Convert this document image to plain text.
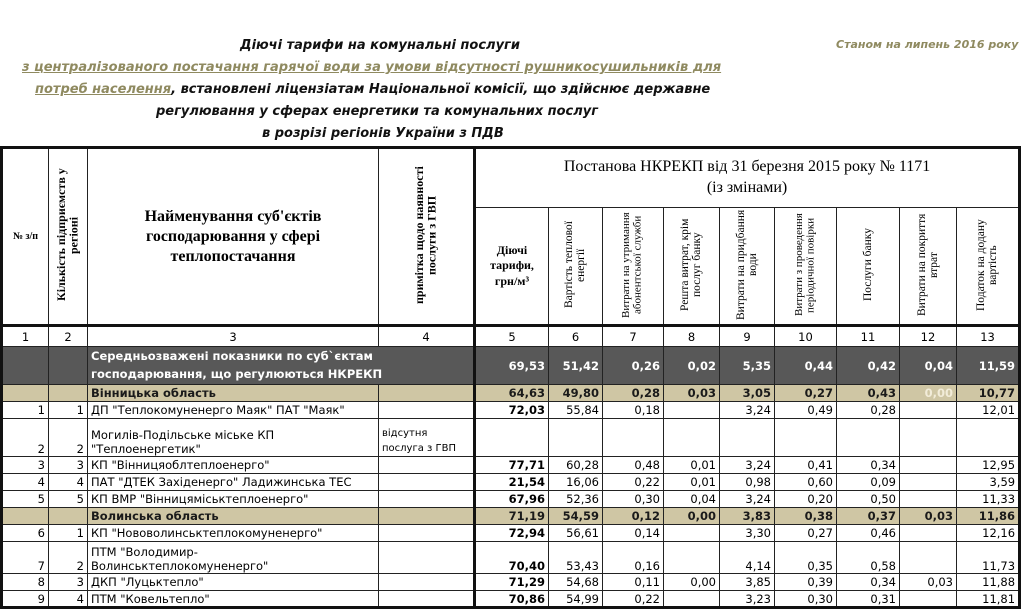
Діючі тарифи на комунальні послуги	Станом на липень 2016 року
з централізованого постачання гарячої води за умови відсутності рушникосушильників для
потреб населення, встановлені ліцензіатам Національної комісії, що здійснює державне
регулювання у сферах енергетики та комунальних послуг
в розрізі регіонів України з ПДВ
№ з/п	Кількість підприємств у регіоні	Найменування суб'єктів господарювання у сфері теплопостачання	примітка щодо наявності послуги з ГВП	Постанова НКРЕКП від 31 березня 2015 року № 1171
(із змінами)								

				Діючі тарифи, грн/м³	Вартість теплової енергії	Витрати на утримання абонентської служби	Решта витрат, крім послуг банку	Витрати на придбання води	Витрати з проведення періодичної повірки	Послуги банку	Витрати на покриття втрат	Податок на додану вартість
1	2	3	4	5	6	7	8	9	10	11	12	13
		Середньозважені показники по суб`єктам господарювання, що регулюються НКРЕКП		69,53	51,42	0,26	0,02	5,35	0,44	0,42	0,04	11,59
		Вінницька область		64,63	49,80	0,28	0,03	3,05	0,27	0,43	0,00	10,77
1	1	ДП "Теплокомуненерго Маяк" ПАТ "Маяк"		72,03	55,84	0,18		3,24	0,49	0,28		12,01
2	2	Могилів-Подільське міське КП "Теплоенергетик"	відсутня послуга з ГВП									
3	3	КП "Вінницяоблтеплоенерго"		77,71	60,28	0,48	0,01	3,24	0,41	0,34		12,95
4	4	ПАТ "ДТЕК Західенерго" Ладижинська ТЕС		21,54	16,06	0,22	0,01	0,98	0,60	0,09		3,59
5	5	КП ВМР "Вінницяміськтеплоенерго"		67,96	52,36	0,30	0,04	3,24	0,20	0,50		11,33
		Волинська область		71,19	54,59	0,12	0,00	3,83	0,38	0,37	0,03	11,86
6	1	КП "Нововолинськтеплокомуненерго"		72,94	56,61	0,14		3,30	0,27	0,46		12,16
7	2	ПТМ "Володимир-Волинськтеплокомуненерго"		70,40	53,43	0,16		4,14	0,35	0,58		11,73
8	3	ДКП "Луцьктепло"		71,29	54,68	0,11	0,00	3,85	0,39	0,34	0,03	11,88
9	4	ПТМ "Ковельтепло"		70,86	54,99	0,22		3,23	0,30	0,31		11,81
